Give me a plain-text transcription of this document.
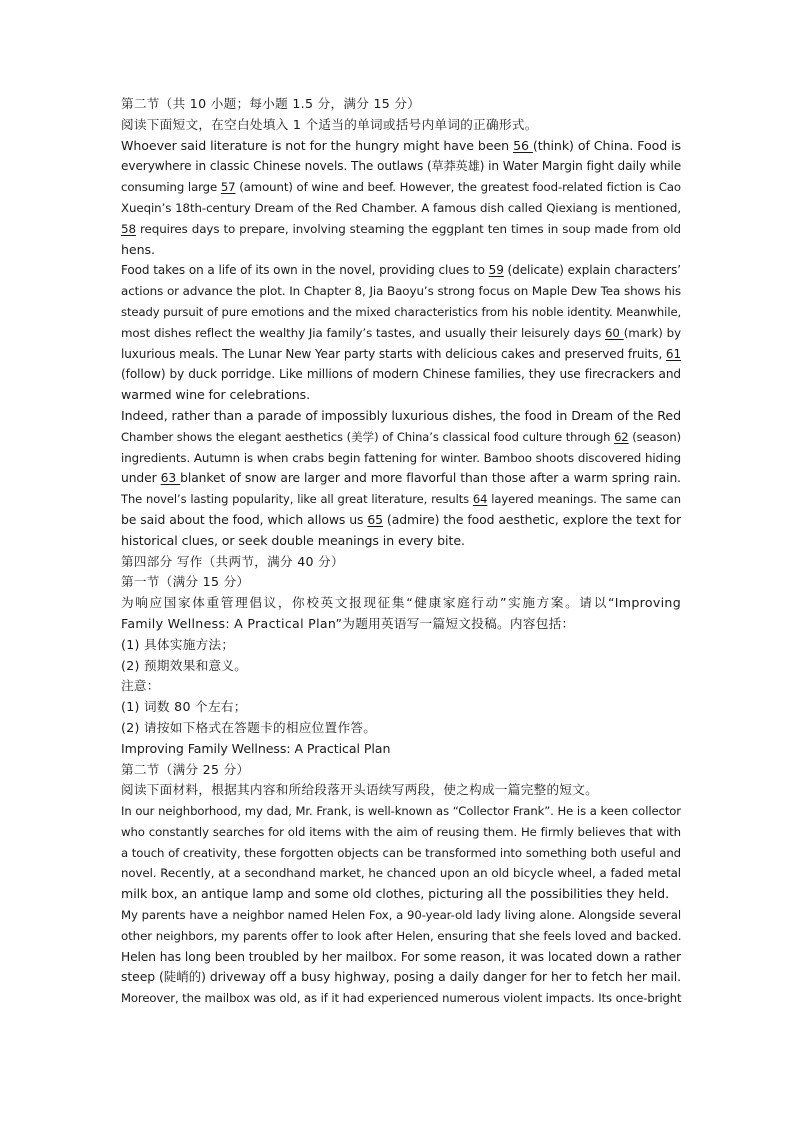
第二节（共 10 小题；每小题 1.5 分，满分 15 分）
阅读下面短文，在空白处填入 1 个适当的单词或括号内单词的正确形式。
Whoever said literature is not for the hungry might have been 56 (think) of China. Food is
everywhere in classic Chinese novels. The outlaws (草莽英雄) in Water Margin fight daily while
consuming large 57 (amount) of wine and beef. However, the greatest food-related fiction is Cao
Xueqin’s 18th-century Dream of the Red Chamber. A famous dish called Qiexiang is mentioned,
58 requires days to prepare, involving steaming the eggplant ten times in soup made from old
hens.
Food takes on a life of its own in the novel, providing clues to 59 (delicate) explain characters’
actions or advance the plot. In Chapter 8, Jia Baoyu’s strong focus on Maple Dew Tea shows his
steady pursuit of pure emotions and the mixed characteristics from his noble identity. Meanwhile,
most dishes reflect the wealthy Jia family’s tastes, and usually their leisurely days 60 (mark) by
luxurious meals. The Lunar New Year party starts with delicious cakes and preserved fruits, 61
(follow) by duck porridge. Like millions of modern Chinese families, they use firecrackers and
warmed wine for celebrations.
Indeed, rather than a parade of impossibly luxurious dishes, the food in Dream of the Red
Chamber shows the elegant aesthetics (美学) of China’s classical food culture through 62 (season)
ingredients. Autumn is when crabs begin fattening for winter. Bamboo shoots discovered hiding
under 63 blanket of snow are larger and more flavorful than those after a warm spring rain.
The novel’s lasting popularity, like all great literature, results 64 layered meanings. The same can
be said about the food, which allows us 65 (admire) the food aesthetic, explore the text for
historical clues, or seek double meanings in every bite.
第四部分 写作（共两节，满分 40 分）
第一节（满分 15 分）
为响应国家体重管理倡议，你校英文报现征集“健康家庭行动”实施方案。请以“Improving
Family Wellness: A Practical Plan”为题用英语写一篇短文投稿。内容包括：
(1) 具体实施方法；
(2) 预期效果和意义。
注意：
(1) 词数 80 个左右；
(2) 请按如下格式在答题卡的相应位置作答。
Improving Family Wellness: A Practical Plan
第二节（满分 25 分）
阅读下面材料，根据其内容和所给段落开头语续写两段，使之构成一篇完整的短文。
In our neighborhood, my dad, Mr. Frank, is well-known as “Collector Frank”. He is a keen collector
who constantly searches for old items with the aim of reusing them. He firmly believes that with
a touch of creativity, these forgotten objects can be transformed into something both useful and
novel. Recently, at a secondhand market, he chanced upon an old bicycle wheel, a faded metal
milk box, an antique lamp and some old clothes, picturing all the possibilities they held.
My parents have a neighbor named Helen Fox, a 90-year-old lady living alone. Alongside several
other neighbors, my parents offer to look after Helen, ensuring that she feels loved and backed.
Helen has long been troubled by her mailbox. For some reason, it was located down a rather
steep (陡峭的) driveway off a busy highway, posing a daily danger for her to fetch her mail.
Moreover, the mailbox was old, as if it had experienced numerous violent impacts. Its once-bright
